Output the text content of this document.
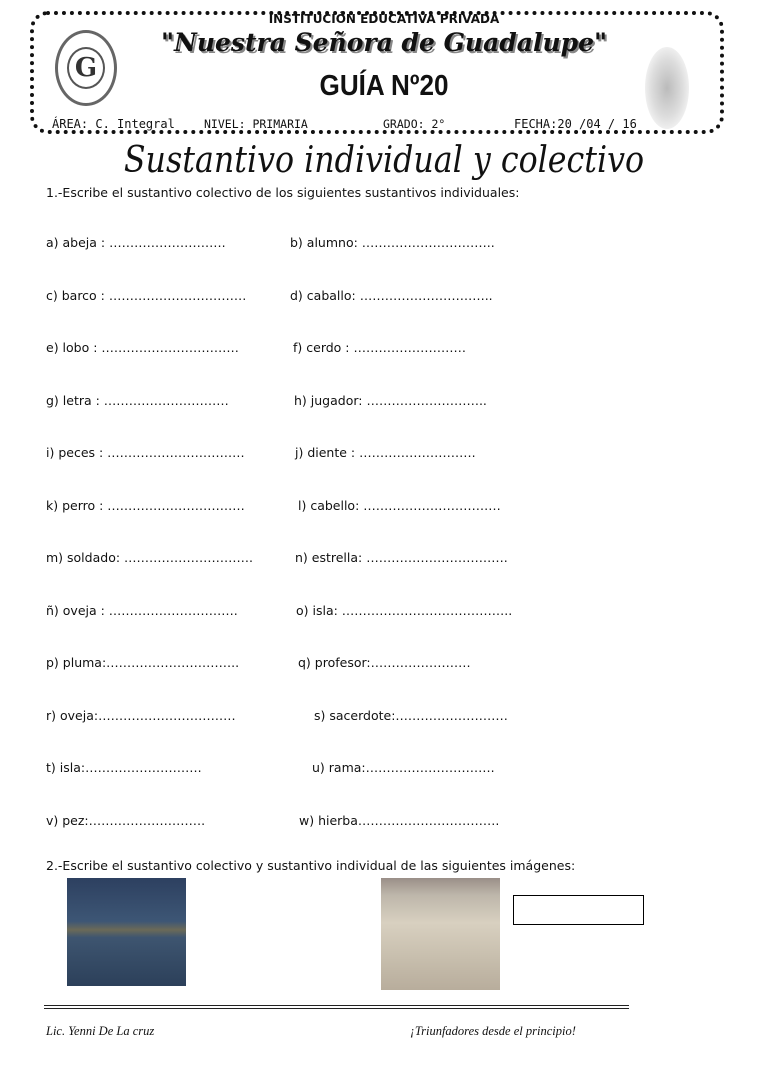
INSTITUCIÓN EDUCATIVA PRIVADA
"Nuestra Señora de Guadalupe"
GUÍA Nº20
G
ÁREA: C. Integral	NIVEL: PRIMARIA	GRADO: 2°	FECHA:20 /04 / 16
Sustantivo individual y colectivo
1.-Escribe el sustantivo colectivo de los siguientes sustantivos individuales:
a) abeja : ……………………….	b) alumno: …………………………..
c) barco : ……………………………	d) caballo: …………………………..
e) lobo : ……………………………	f) cerdo : ………………………
g) letra : …………………………	h) jugador: ………………………..
i) peces : ……………………………	j) diente : ……………………….
k) perro : ……………………………	l) cabello: ……………………………
m) soldado: ………………………….	n) estrella: …………………………….
ñ) oveja : ………………………….	o) isla: …………………………………..
p) pluma:…………………………..	q) profesor:……………………
r) oveja:……………………………	s) sacerdote:………………………
t) isla:……………………….	u) rama:………………………….
v) pez:……………………….	w) hierba…………………………….
2.-Escribe el sustantivo colectivo y sustantivo individual de las siguientes imágenes:
Lic. Yenni De La cruz	¡Triunfadores desde el principio!
